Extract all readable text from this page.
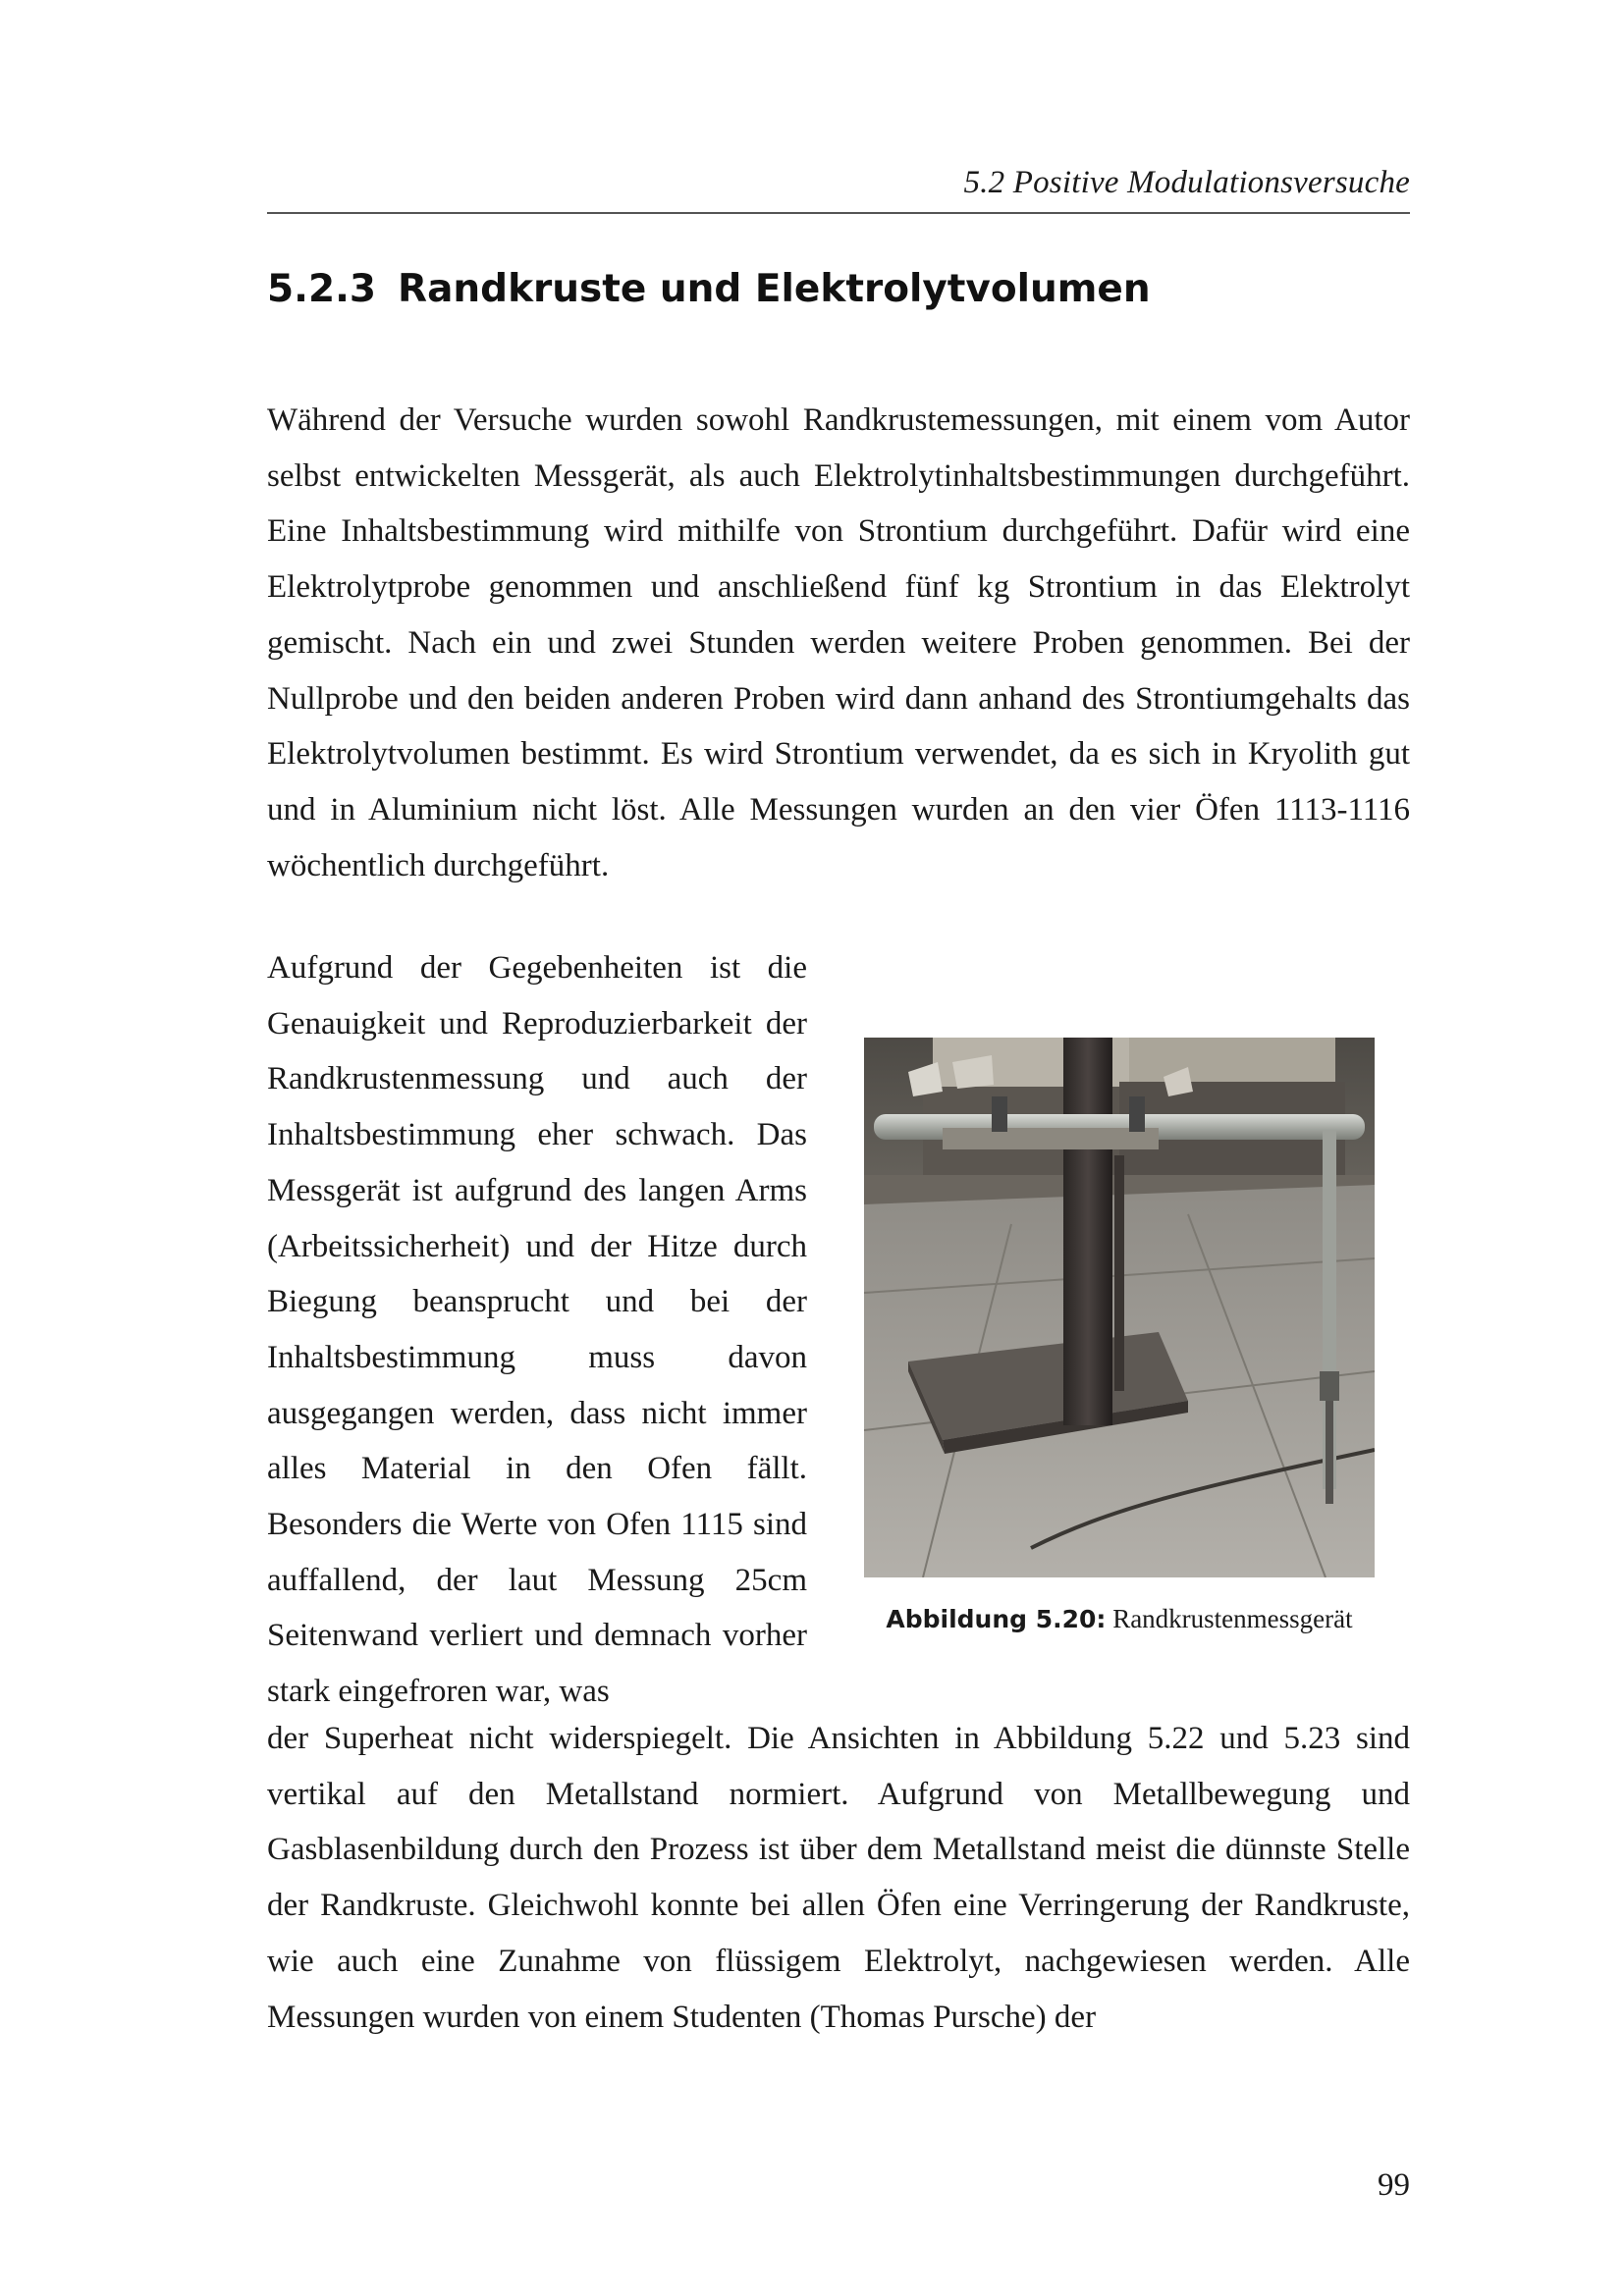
5.2 Positive Modulationsversuche
5.2.3 Randkruste und Elektrolytvolumen

Während der Versuche wurden sowohl Randkrustemessungen, mit einem vom Autor selbst entwickelten Messgerät, als auch Elektrolytinhaltsbestimmungen durchgeführt. Eine Inhaltsbestimmung wird mithilfe von Strontium durchgeführt. Dafür wird eine Elektrolytprobe genommen und anschließend fünf kg Strontium in das Elektrolyt gemischt. Nach ein und zwei Stunden werden weitere Proben genommen. Bei der Nullprobe und den beiden anderen Proben wird dann anhand des Strontiumgehalts das Elektrolytvolumen bestimmt. Es wird Strontium verwendet, da es sich in Kryolith gut und in Aluminium nicht löst. Alle Messungen wurden an den vier Öfen 1113-1116 wöchentlich durchgeführt.

Aufgrund der Gegebenheiten ist die Genauigkeit und Reproduzierbarkeit der Randkrustenmessung und auch der Inhaltsbestimmung eher schwach. Das Messgerät ist aufgrund des langen Arms (Arbeitssicherheit) und der Hitze durch Biegung beansprucht und bei der Inhaltsbestimmung muss davon ausgegangen werden, dass nicht immer alles Material in den Ofen fällt. Besonders die Werte von Ofen 1115 sind auffallend, der laut Messung 25cm Seitenwand verliert und demnach vorher stark eingefroren war, was

der Superheat nicht widerspiegelt. Die Ansichten in Abbildung 5.22 und 5.23 sind vertikal auf den Metallstand normiert. Aufgrund von Metallbewegung und Gasblasenbildung durch den Prozess ist über dem Metallstand meist die dünnste Stelle der Randkruste. Gleichwohl konnte bei allen Öfen eine Verringerung der Randkruste, wie auch eine Zunahme von flüssigem Elektrolyt, nachgewiesen werden. Alle Messungen wurden von einem Studenten (Thomas Pursche) der

Abbildung 5.20: Randkrustenmessgerät
99
